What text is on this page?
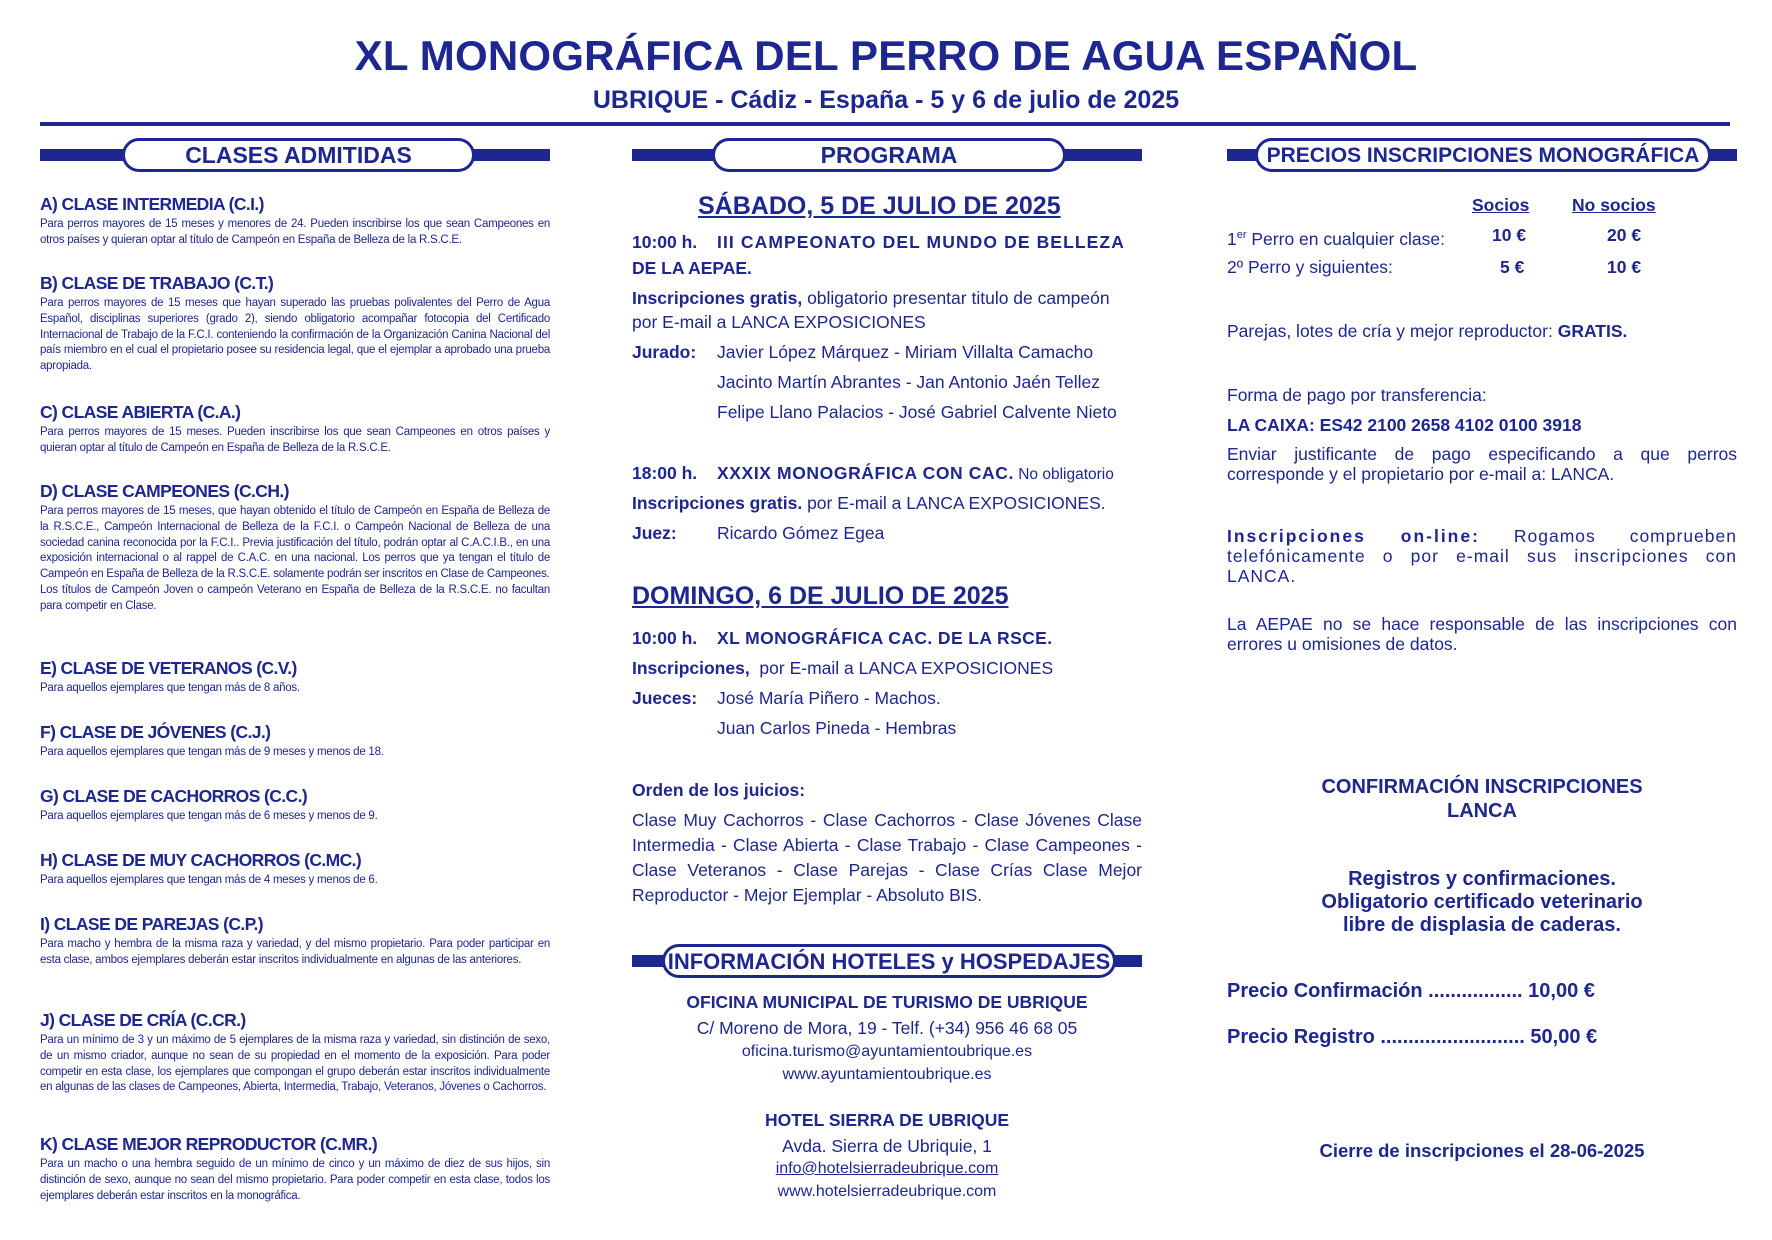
XL MONOGRÁFICA DEL PERRO DE AGUA ESPAÑOL
UBRIQUE - Cádiz - España - 5 y 6 de julio de 2025
CLASES ADMITIDAS
A) CLASE INTERMEDIA (C.I.)

Para perros mayores de 15 meses y menores de 24. Pueden inscribirse los que sean Campeones en otros países y quieran optar al título de Campeón en España de Belleza de la R.S.C.E.

B) CLASE DE TRABAJO (C.T.)

Para perros mayores de 15 meses que hayan superado las pruebas polivalentes del Perro de Agua Español, disciplinas superiores (grado 2), siendo obligatorio acompañar fotocopia del Certificado Internacional de Trabajo de la F.C.I. conteniendo la confirmación de la Organización Canina Nacional del país miembro en el cual el propietario posee su residencia legal, que el ejemplar a aprobado una prueba apropiada.

C) CLASE ABIERTA (C.A.)

Para perros mayores de 15 meses. Pueden inscribirse los que sean Campeones en otros países y quieran optar al título de Campeón en España de Belleza de la R.S.C.E.

D) CLASE CAMPEONES (C.CH.)

Para perros mayores de 15 meses, que hayan obtenido el título de Campeón en España de Belleza de la R.S.C.E., Campeón Internacional de Belleza de la F.C.I. o Campeón Nacional de Belleza de una sociedad canina reconocida por la F.C.I.. Previa justificación del título, podrán optar al C.A.C.I.B., en una exposición internacional o al rappel de C.A.C. en una nacional. Los perros que ya tengan el título de Campeón en España de Belleza de la R.S.C.E. solamente podrán ser inscritos en Clase de Campeones.

Los títulos de Campeón Joven o campeón Veterano en España de Belleza de la R.S.C.E. no facultan para competir en Clase.

E) CLASE DE VETERANOS (C.V.)

Para aquellos ejemplares que tengan más de 8 años.

F) CLASE DE JÓVENES (C.J.)

Para aquellos ejemplares que tengan más de 9 meses y menos de 18.

G) CLASE DE CACHORROS (C.C.)

Para aquellos ejemplares que tengan más de 6 meses y menos de 9.

H) CLASE DE MUY CACHORROS (C.MC.)

Para aquellos ejemplares que tengan más de 4 meses y menos de 6.

I) CLASE DE PAREJAS (C.P.)

Para macho y hembra de la misma raza y variedad, y del mismo propietario. Para poder participar en esta clase, ambos ejemplares deberán estar inscritos individualmente en algunas de las anteriores.

J) CLASE DE CRÍA (C.CR.)

Para un mínimo de 3 y un máximo de 5 ejemplares de la misma raza y variedad, sin distinción de sexo, de un mismo criador, aunque no sean de su propiedad en el momento de la exposición. Para poder competir en esta clase, los ejemplares que compongan el grupo deberán estar inscritos individualmente en algunas de las clases de Campeones, Abierta, Intermedia, Trabajo, Veteranos, Jóvenes o Cachorros.

K) CLASE MEJOR REPRODUCTOR (C.MR.)

Para un macho o una hembra seguido de un mínimo de cinco y un máximo de diez de sus hijos, sin distinción de sexo, aunque no sean del mismo propietario. Para poder competir en esta clase, todos los ejemplares deberán estar inscritos en la monográfica.

PROGRAMA
SÁBADO, 5 DE JULIO DE 2025
10:00 h. III CAMPEONATO DEL MUNDO DE BELLEZA
DE LA AEPAE.
Inscripciones gratis, obligatorio presentar titulo de campeón
por E-mail a LANCA EXPOSICIONES
Jurado: Javier López Márquez - Miriam Villalta Camacho
Jacinto Martín Abrantes - Jan Antonio Jaén Tellez
Felipe Llano Palacios - José Gabriel Calvente Nieto
18:00 h. XXXIX MONOGRÁFICA CON CAC. No obligatorio
Inscripciones gratis. por E-mail a LANCA EXPOSICIONES.
Juez: Ricardo Gómez Egea
DOMINGO, 6 DE JULIO DE 2025
10:00 h. XL MONOGRÁFICA CAC. DE LA RSCE.
Inscripciones,  por E-mail a LANCA EXPOSICIONES
Jueces: José María Piñero - Machos.
Juan Carlos Pineda - Hembras
Orden de los juicios:
Clase Muy Cachorros - Clase Cachorros - Clase Jóvenes Clase Intermedia - Clase Abierta - Clase Trabajo - Clase Campeones - Clase Veteranos - Clase Parejas - Clase Crías Clase Mejor Reproductor - Mejor Ejemplar - Absoluto BIS.
INFORMACIÓN HOTELES y HOSPEDAJES
OFICINA MUNICIPAL DE TURISMO DE UBRIQUE
C/ Moreno de Mora, 19 - Telf. (+34) 956 46 68 05
oficina.turismo@ayuntamientoubrique.es
www.ayuntamientoubrique.es
HOTEL SIERRA DE UBRIQUE
Avda. Sierra de Ubriquie, 1
info@hotelsierradeubrique.com
www.hotelsierradeubrique.com
PRECIOS INSCRIPCIONES MONOGRÁFICA
Socios No socios
1er Perro en cualquier clase:	10 €	20 €
2º Perro y siguientes:	5 €	10 €
Parejas, lotes de cría y mejor reproductor: GRATIS.
Forma de pago por transferencia:
LA CAIXA: ES42 2100 2658 4102 0100 3918
Enviar justificante de pago especificando a que perros corresponde y el propietario por e-mail a: LANCA.
Inscripciones on-line: Rogamos comprueben telefónicamente o por e-mail sus inscripciones con LANCA.
La AEPAE no se hace responsable de las inscripciones con errores u omisiones de datos.
CONFIRMACIÓN INSCRIPCIONES
LANCA
Registros y confirmaciones.
Obligatorio certificado veterinario
libre de displasia de caderas.
Precio Confirmación ................. 10,00 €
Precio Registro .......................... 50,00 €
Cierre de inscripciones el 28-06-2025
